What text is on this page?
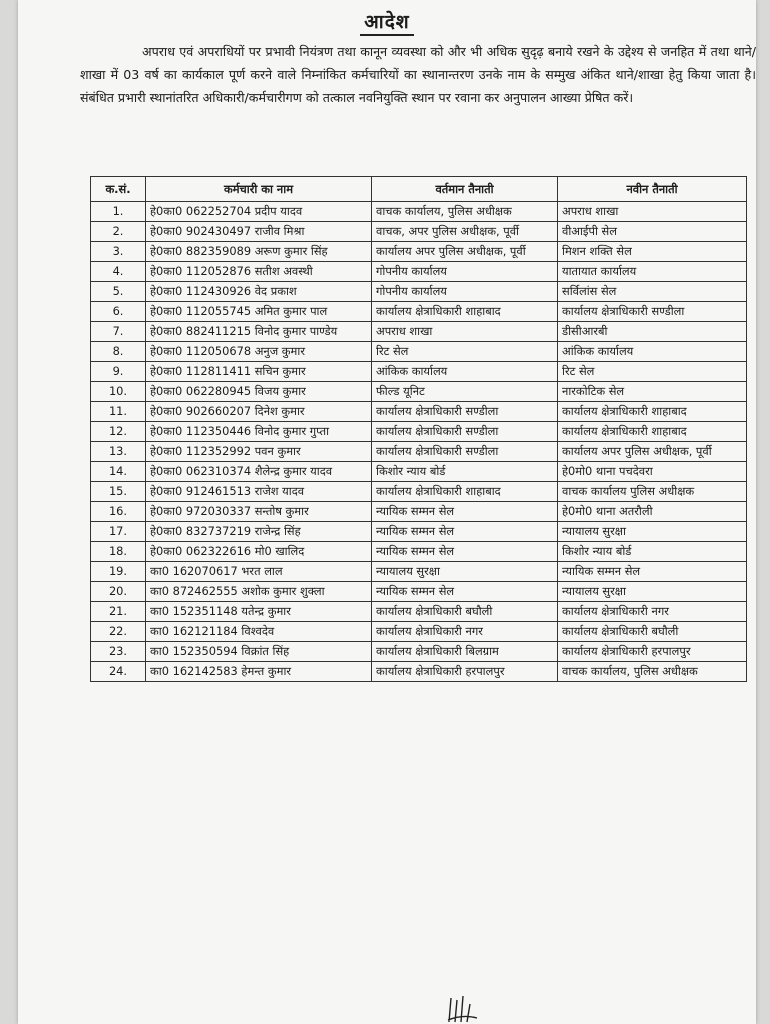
आदेश
अपराध एवं अपराधियों पर प्रभावी नियंत्रण तथा कानून व्यवस्था को और भी अधिक सुदृढ़ बनाये रखने के उद्देश्य से जनहित में तथा थाने/शाखा में 03 वर्ष का कार्यकाल पूर्ण करने वाले निम्नांकित कर्मचारियों का स्थानान्तरण उनके नाम के सम्मुख अंकित थाने/शाखा हेतु किया जाता है। संबंधित प्रभारी स्थानांतरित अधिकारी/कर्मचारीगण को तत्काल नवनियुक्ति स्थान पर रवाना कर अनुपालन आख्या प्रेषित करें।
क.सं.	कर्मचारी का नाम	वर्तमान तैनाती	नवीन तैनाती
1.	हे0का0 062252704 प्रदीप यादव	वाचक कार्यालय, पुलिस अधीक्षक	अपराध शाखा
2.	हे0का0 902430497 राजीव मिश्रा	वाचक, अपर पुलिस अधीक्षक, पूर्वी	वीआईपी सेल
3.	हे0का0 882359089 अरूण कुमार सिंह	कार्यालय अपर पुलिस अधीक्षक, पूर्वी	मिशन शक्ति सेल
4.	हे0का0 112052876 सतीश अवस्थी	गोपनीय कार्यालय	यातायात कार्यालय
5.	हे0का0 112430926 वेद प्रकाश	गोपनीय कार्यालय	सर्विलांस सेल
6.	हे0का0 112055745 अमित कुमार पाल	कार्यालय क्षेत्राधिकारी शाहाबाद	कार्यालय क्षेत्राधिकारी सण्डीला
7.	हे0का0 882411215 विनोद कुमार पाण्डेय	अपराध शाखा	डीसीआरबी
8.	हे0का0 112050678 अनुज कुमार	रिट सेल	आंकिक कार्यालय
9.	हे0का0 112811411 सचिन कुमार	आंकिक कार्यालय	रिट सेल
10.	हे0का0 062280945 विजय कुमार	फील्ड यूनिट	नारकोटिक सेल
11.	हे0का0 902660207 दिनेश कुमार	कार्यालय क्षेत्राधिकारी सण्डीला	कार्यालय क्षेत्राधिकारी शाहाबाद
12.	हे0का0 112350446 विनोद कुमार गुप्ता	कार्यालय क्षेत्राधिकारी सण्डीला	कार्यालय क्षेत्राधिकारी शाहाबाद
13.	हे0का0 112352992 पवन कुमार	कार्यालय क्षेत्राधिकारी सण्डीला	कार्यालय अपर पुलिस अधीक्षक, पूर्वी
14.	हे0का0 062310374 शैलेन्द्र कुमार यादव	किशोर न्याय बोर्ड	हे0मो0 थाना पचदेवरा
15.	हे0का0 912461513 राजेश यादव	कार्यालय क्षेत्राधिकारी शाहाबाद	वाचक कार्यालय पुलिस अधीक्षक
16.	हे0का0 972030337 सन्तोष कुमार	न्यायिक सम्मन सेल	हे0मो0 थाना अतरौली
17.	हे0का0 832737219 राजेन्द्र सिंह	न्यायिक सम्मन सेल	न्यायालय सुरक्षा
18.	हे0का0 062322616 मो0 खालिद	न्यायिक सम्मन सेल	किशोर न्याय बोर्ड
19.	का0 162070617 भरत लाल	न्यायालय सुरक्षा	न्यायिक सम्मन सेल
20.	का0 872462555 अशोक कुमार शुक्ला	न्यायिक सम्मन सेल	न्यायालय सुरक्षा
21.	का0 152351148 यतेन्द्र कुमार	कार्यालय क्षेत्राधिकारी बघौली	कार्यालय क्षेत्राधिकारी नगर
22.	का0 162121184 विश्वदेव	कार्यालय क्षेत्राधिकारी नगर	कार्यालय क्षेत्राधिकारी बघौली
23.	का0 152350594 विक्रांत सिंह	कार्यालय क्षेत्राधिकारी बिलग्राम	कार्यालय क्षेत्राधिकारी हरपालपुर
24.	का0 162142583 हेमन्त कुमार	कार्यालय क्षेत्राधिकारी हरपालपुर	वाचक कार्यालय, पुलिस अधीक्षक
